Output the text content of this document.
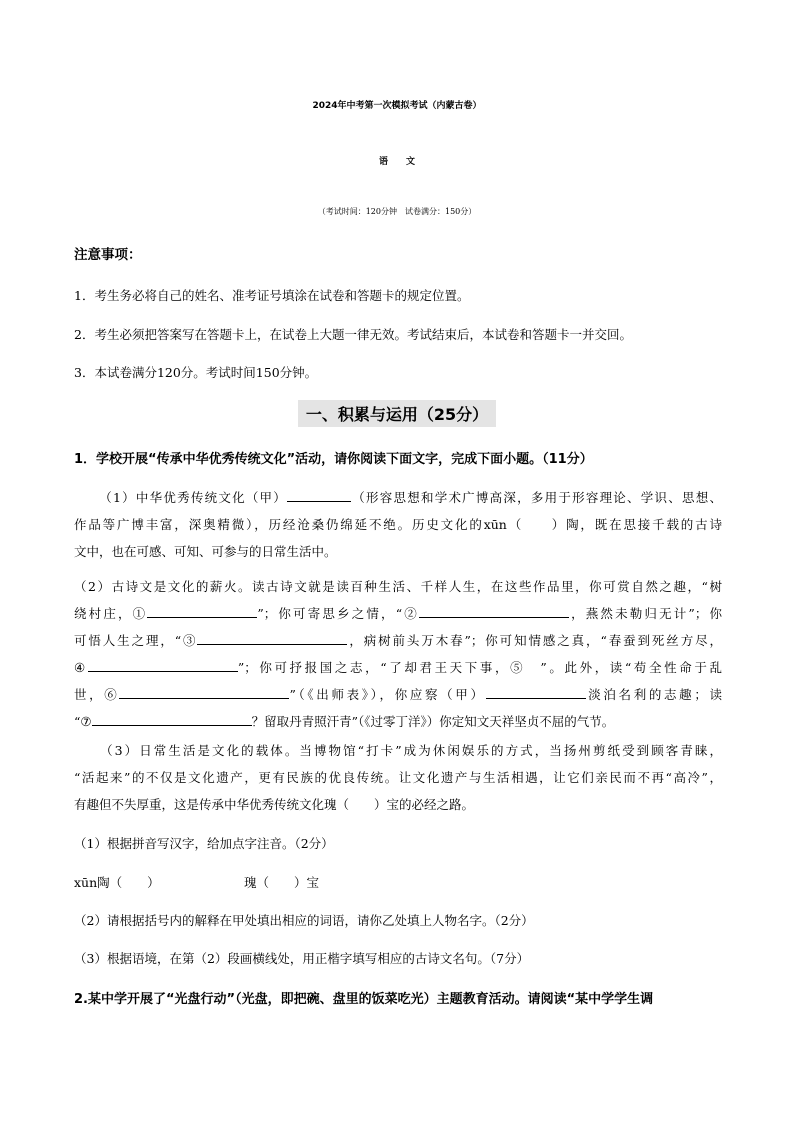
2024年中考第一次模拟考试（内蒙古卷）
语文
（考试时间：120分钟　试卷满分：150分）
注意事项：
1．考生务必将自己的姓名、准考证号填涂在试卷和答题卡的规定位置。
2．考生必须把答案写在答题卡上，在试卷上大题一律无效。考试结束后，本试卷和答题卡一并交回。
3．本试卷满分120分。考试时间150分钟。
一、积累与运用（25分）
1．学校开展“传承中华优秀传统文化”活动，请你阅读下面文字，完成下面小题。（11分）
（1）中华优秀传统文化（甲）	（形容思想和学术广博高深，多用于形容理论、学识、思想、
作品等广博丰富，深奥精微），历经沧桑仍绵延不绝。历史文化的xūn（　　）陶，既在思接千载的古诗
文中，也在可感、可知、可参与的日常生活中。
（2）古诗文是文化的薪火。读古诗文就是读百种生活、千样人生，在这些作品里，你可赏自然之趣，“树
绕村庄，①	”；你可寄思乡之情，“②	，燕然未勒归无计”；你
可悟人生之理，“③	，病树前头万木春”；你可知情感之真，“春蚕到死丝方尽，
④	”；你可抒报国之志，“了却君王天下事，⑤　”。此外，读“苟全性命于乱
世，⑥	”（《出师表》），你应察（甲）	淡泊名利的志趣；读
“⑦	？留取丹青照汗青”（《过零丁洋》）你定知文天祥坚贞不屈的气节。
（3）日常生活是文化的载体。当博物馆“打卡”成为休闲娱乐的方式，当扬州剪纸受到顾客青睐，
“活起来”的不仅是文化遗产，更有民族的优良传统。让文化遗产与生活相遇，让它们亲民而不再“高冷”，
有趣但不失厚重，这是传承中华优秀传统文化瑰（　　）宝的必经之路。
（1）根据拼音写汉字，给加点字注音。（2分）
xūn陶（　　）	瑰（　　）宝
（2）请根据括号内的解释在甲处填出相应的词语，请你乙处填上人物名字。（2分）
（3）根据语境，在第（2）段画横线处，用正楷字填写相应的古诗文名句。（7分）
2.某中学开展了“光盘行动”（光盘，即把碗、盘里的饭菜吃光）主题教育活动。请阅读“某中学学生调
